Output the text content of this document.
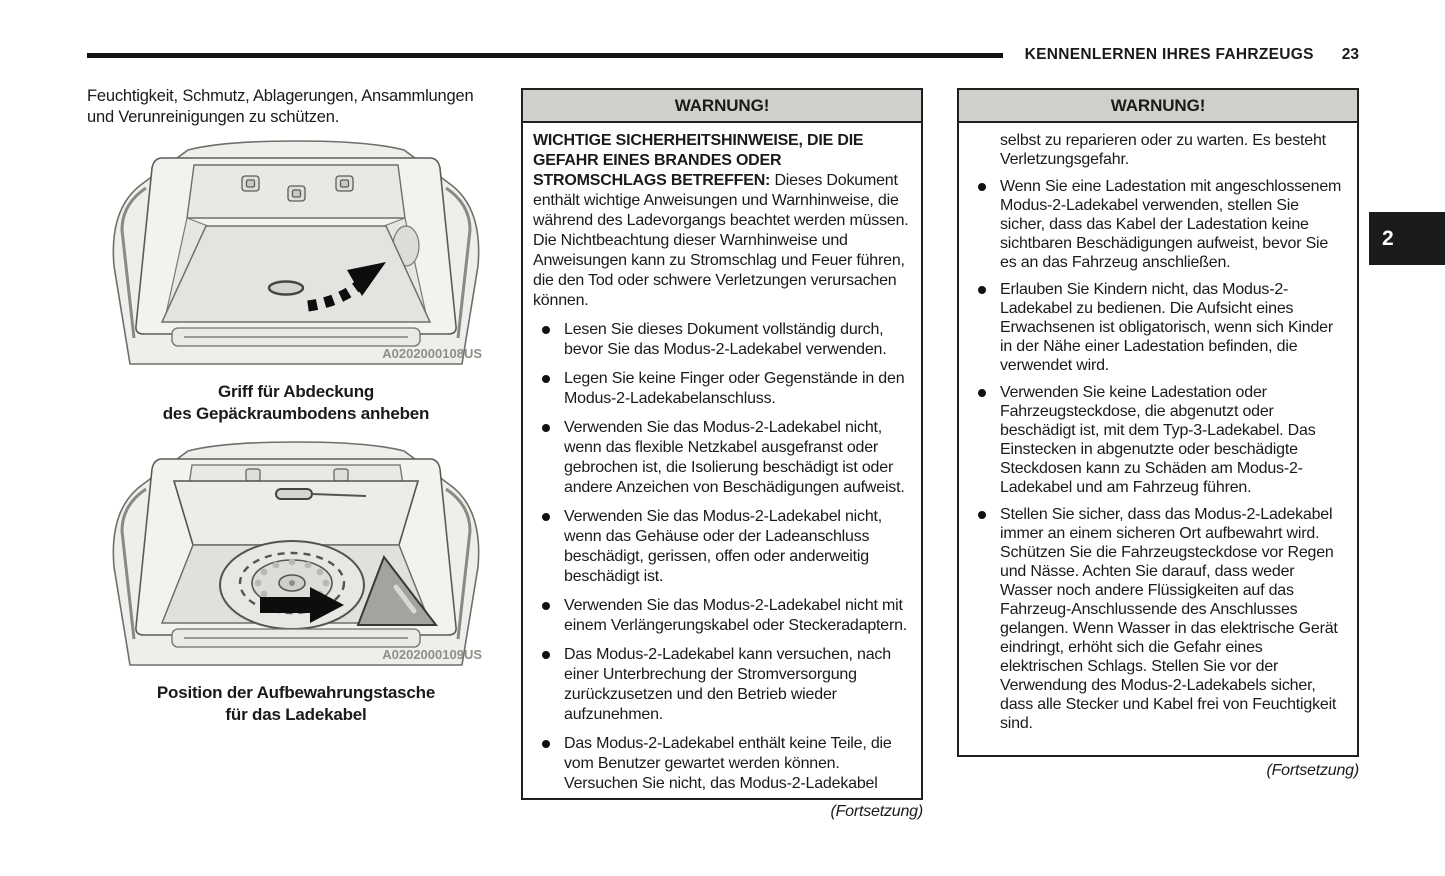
KENNENLERNEN IHRES FAHRZEUGS 23
2

Feuchtigkeit, Schmutz, Ablagerungen, Ansammlungen und Verunreinigungen zu schützen.

A0202000108US
Griff für Abdeckung
des Gepäckraumbodens anheben
A0202000109US
Position der Aufbewahrungstasche
für das Ladekabel
WARNUNG!

WICHTIGE SICHERHEITSHINWEISE, DIE DIE GEFAHR EINES BRANDES ODER STROMSCHLAGS BETREFFEN: Dieses Dokument enthält wichtige Anweisungen und Warnhinweise, die während des Ladevorgangs beachtet werden müssen. Die Nichtbeachtung dieser Warnhinweise und Anweisungen kann zu Stromschlag und Feuer führen, die den Tod oder schwere Verletzungen verursachen können.

Lesen Sie dieses Dokument vollständig durch, bevor Sie das Modus-2-Ladekabel verwenden.
Legen Sie keine Finger oder Gegenstände in den Modus-2-Ladekabelanschluss.
Verwenden Sie das Modus-2-Ladekabel nicht, wenn das flexible Netzkabel ausgefranst oder gebrochen ist, die Isolierung beschädigt ist oder andere Anzeichen von Beschädigungen aufweist.
Verwenden Sie das Modus-2-Ladekabel nicht, wenn das Gehäuse oder der Ladeanschluss beschädigt, gerissen, offen oder anderweitig beschädigt ist.
Verwenden Sie das Modus-2-Ladekabel nicht mit einem Verlängerungskabel oder Steckeradaptern.
Das Modus-2-Ladekabel kann versuchen, nach einer Unterbrechung der Stromversorgung zurückzusetzen und den Betrieb wieder aufzunehmen.
Das Modus-2-Ladekabel enthält keine Teile, die vom Benutzer gewartet werden können. Versuchen Sie nicht, das Modus-2-Ladekabel
(Fortsetzung)
WARNUNG!

selbst zu reparieren oder zu warten. Es besteht Verletzungsgefahr.

Wenn Sie eine Ladestation mit angeschlossenem Modus-2-Ladekabel verwenden, stellen Sie sicher, dass das Kabel der Ladestation keine sichtbaren Beschädigungen aufweist, bevor Sie es an das Fahrzeug anschließen.
Erlauben Sie Kindern nicht, das Modus-2-Ladekabel zu bedienen. Die Aufsicht eines Erwachsenen ist obligatorisch, wenn sich Kinder in der Nähe einer Ladestation befinden, die verwendet wird.
Verwenden Sie keine Ladestation oder Fahrzeugsteckdose, die abgenutzt oder beschädigt ist, mit dem Typ-3-Ladekabel. Das Einstecken in abgenutzte oder beschädigte Steckdosen kann zu Schäden am Modus-2-Ladekabel und am Fahrzeug führen.
Stellen Sie sicher, dass das Modus-2-Ladekabel immer an einem sicheren Ort aufbewahrt wird. Schützen Sie die Fahrzeugsteckdose vor Regen und Nässe. Achten Sie darauf, dass weder Wasser noch andere Flüssigkeiten auf das Fahrzeug-Anschlussende des Anschlusses gelangen. Wenn Wasser in das elektrische Gerät eindringt, erhöht sich die Gefahr eines elektrischen Schlags. Stellen Sie vor der Verwendung des Modus-2-Ladekabels sicher, dass alle Stecker und Kabel frei von Feuchtigkeit sind.
(Fortsetzung)
